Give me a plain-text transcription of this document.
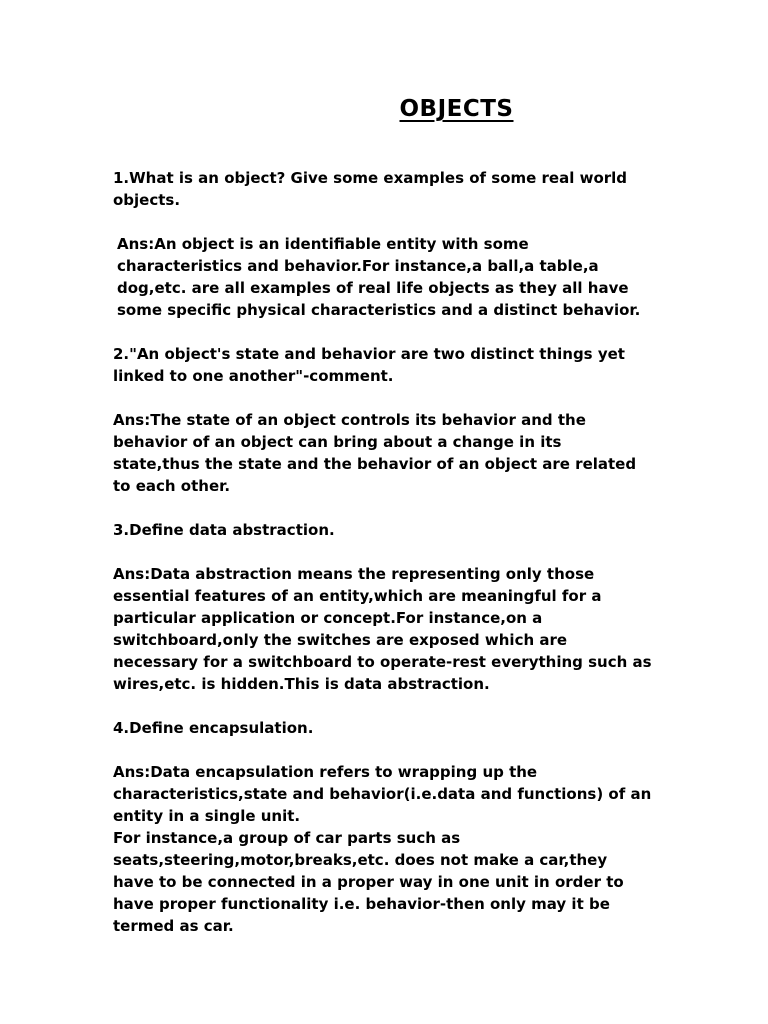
OBJECTS

1.What is an object? Give some examples of some real world objects.

Ans:An object is an identifiable entity with some characteristics and behavior.For instance,a ball,a table,a dog,etc. are all examples of real life objects as they all have some specific physical characteristics and a distinct behavior.

2."An object's state and behavior are two distinct things yet linked to one another"-comment.

Ans:The state of an object controls its behavior and the behavior of an object can bring about a change in its state,thus the state and the behavior of an object are related to each other.

3.Define data abstraction.

Ans:Data abstraction means the representing only those essential features of an entity,which are meaningful for a particular application or concept.For instance,on a switchboard,only the switches are exposed which are necessary for a switchboard to operate-rest everything such as wires,etc. is hidden.This is data abstraction.

4.Define encapsulation.

Ans:Data encapsulation refers to wrapping up the characteristics,state and behavior(i.e.data and functions) of an entity in a single unit.

For instance,a group of car parts such as seats,steering,motor,breaks,etc. does not make a car,they have to be connected in a proper way in one unit in order to have proper functionality i.e. behavior-then only may it be termed as car.
